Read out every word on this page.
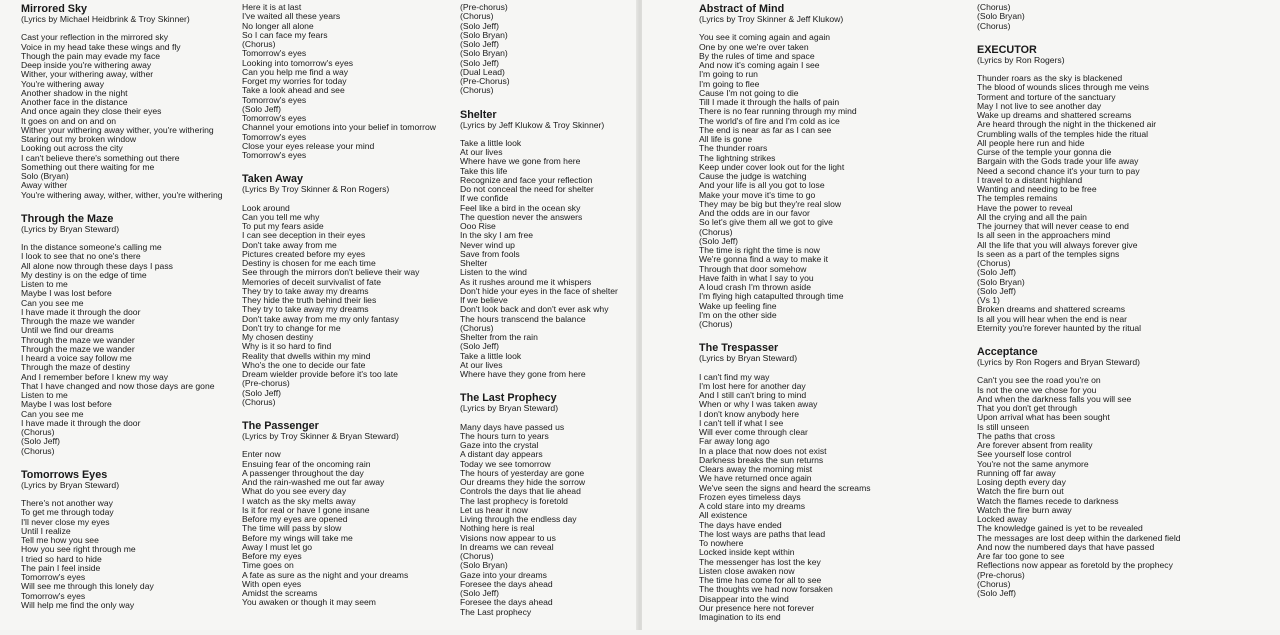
Mirrored Sky
(Lyrics by Michael Heidbrink & Troy Skinner)
Cast your reflection in the mirrored sky
Voice in my head take these wings and fly
Though the pain may evade my face
Deep inside you're withering away
Wither, your withering away, wither
You're withering away
Another shadow in the night
Another face in the distance
And once again they close their eyes
It goes on and on and on
Wither your withering away wither, you're withering
Staring out my broken window
Looking out across the city
I can't believe there's something out there
Something out there waiting for me
Solo (Bryan)
Away wither
You're withering away, wither, wither, you're withering
Through the Maze
(Lyrics by Bryan Steward)
In the distance someone's calling me
I look to see that no one's there
All alone now through these days I pass
My destiny is on the edge of time
Listen to me
Maybe I was lost before
Can you see me
I have made it through the door
Through the maze we wander
Until we find our dreams
Through the maze we wander
Through the maze we wander
I heard a voice say follow me
Through the maze of destiny
And I remember before I knew my way
That I have changed and now those days are gone
Listen to me
Maybe I was lost before
Can you see me
I have made it through the door
(Chorus)
(Solo Jeff)
(Chorus)
Tomorrows Eyes
(Lyrics by Bryan Steward)
There's not another way
To get me through today
I'll never close my eyes
Until I realize
Tell me how you see
How you see right through me
I tried so hard to hide
The pain I feel inside
Tomorrow's eyes
Will see me through this lonely day
Tomorrow's eyes
Will help me find the only way
Here it is at last
I've waited all these years
No longer all alone
So I can face my fears
(Chorus)
Tomorrow's eyes
Looking into tomorrow's eyes
Can you help me find a way
Forget my worries for today
Take a look ahead and see
Tomorrow's eyes
(Solo Jeff)
Tomorrow's eyes
Channel your emotions into your belief in tomorrow
Tomorrow's eyes
Close your eyes release your mind
Tomorrow's eyes
Taken Away
(Lyrics By Troy Skinner & Ron Rogers)
Look around
Can you tell me why
To put my fears aside
I can see deception in their eyes
Don't take away from me
Pictures created before my eyes
Destiny is chosen for me each time
See through the mirrors don't believe their way
Memories of deceit survivalist of fate
They try to take away my dreams
They hide the truth behind their lies
They try to take away my dreams
Don't take away from me my only fantasy
Don't try to change for me
My chosen destiny
Why is it so hard to find
Reality that dwells within my mind
Who's the one to decide our fate
Dream wielder provide before it's too late
(Pre-chorus)
(Solo Jeff)
(Chorus)
The Passenger
(Lyrics by Troy Skinner & Bryan Steward)
Enter now
Ensuing fear of the oncoming rain
A passenger throughout the day
And the rain-washed me out far away
What do you see every day
I watch as the sky melts away
Is it for real or have I gone insane
Before my eyes are opened
The time will pass by slow
Before my wings will take me
Away I must let go
Before my eyes
Time goes on
A fate as sure as the night and your dreams
With open eyes
Amidst the screams
You awaken or though it may seem
(Pre-chorus)
(Chorus)
(Solo Jeff)
(Solo Bryan)
(Solo Jeff)
(Solo Bryan)
(Solo Jeff)
(Dual Lead)
(Pre-Chorus)
(Chorus)
Shelter
(Lyrics by Jeff Klukow & Troy Skinner)
Take a little look
At our lives
Where have we gone from here
Take this life
Recognize and face your reflection
Do not conceal the need for shelter
If we confide
Feel like a bird in the ocean sky
The question never the answers
Ooo Rise
In the sky I am free
Never wind up
Save from fools
Shelter
Listen to the wind
As it rushes around me it whispers
Don't hide your eyes in the face of shelter
If we believe
Don't look back and don't ever ask why
The hours transcend the balance
(Chorus)
Shelter from the rain
(Solo Jeff)
Take a little look
At our lives
Where have they gone from here
The Last Prophecy
(Lyrics by Bryan Steward)
Many days have passed us
The hours turn to years
Gaze into the crystal
A distant day appears
Today we see tomorrow
The hours of yesterday are gone
Our dreams they hide the sorrow
Controls the days that lie ahead
The last prophecy is foretold
Let us hear it now
Living through the endless day
Nothing here is real
Visions now appear to us
In dreams we can reveal
(Chorus)
(Solo Bryan)
Gaze into your dreams
Foresee the days ahead
(Solo Jeff)
Foresee the days ahead
The Last prophecy
Abstract of Mind
(Lyrics by Troy Skinner & Jeff Klukow)
You see it coming again and again
One by one we're over taken
By the rules of time and space
And now it's coming again I see
I'm going to run
I'm going to flee
Cause I'm not going to die
Till I made it through the halls of pain
There is no fear running through my mind
The world's of fire and I'm cold as ice
The end is near as far as I can see
All life is gone
The thunder roars
The lightning strikes
Keep under cover look out for the light
Cause the judge is watching
And your life is all you got to lose
Make your move it's time to go
They may be big but they're real slow
And the odds are in our favor
So let's give them all we got to give
(Chorus)
(Solo Jeff)
The time is right the time is now
We're gonna find a way to make it
Through that door somehow
Have faith in what I say to you
A loud crash I'm thrown aside
I'm flying high catapulted through time
Wake up feeling fine
I'm on the other side
(Chorus)
The Trespasser
(Lyrics by Bryan Steward)
I can't find my way
I'm lost here for another day
And I still can't bring to mind
When or why I was taken away
I don't know anybody here
I can't tell if what I see
Will ever come through clear
Far away long ago
In a place that now does not exist
Darkness breaks the sun returns
Clears away the morning mist
We have returned once again
We've seen the signs and heard the screams
Frozen eyes timeless days
A cold stare into my dreams
All existence
The days have ended
The lost ways are paths that lead
To nowhere
Locked inside kept within
The messenger has lost the key
Listen close awaken now
The time has come for all to see
The thoughts we had now forsaken
Disappear into the wind
Our presence here not forever
Imagination to its end
(Chorus)
(Solo Bryan)
(Chorus)
EXECUTOR
(Lyrics by Ron Rogers)
Thunder roars as the sky is blackened
The blood of wounds slices through me veins
Torment and torture of the sanctuary
May I not live to see another day
Wake up dreams and shattered screams
Are heard through the night in the thickened air
Crumbling walls of the temples hide the ritual
All people here run and hide
Curse of the temple your gonna die
Bargain with the Gods trade your life away
Need a second chance it's your turn to pay
I travel to a distant highland
Wanting and needing to be free
The temples remains
Have the power to reveal
All the crying and all the pain
The journey that will never cease to end
Is all seen in the approachers mind
All the life that you will always forever give
Is seen as a part of the temples signs
(Chorus)
(Solo Jeff)
(Solo Bryan)
(Solo Jeff)
(Vs 1)
Broken dreams and shattered screams
Is all you will hear when the end is near
Eternity you're forever haunted by the ritual
Acceptance
(Lyrics by Ron Rogers and Bryan Steward)
Can't you see the road you're on
Is not the one we chose for you
And when the darkness falls you will see
That you don't get through
Upon arrival what has been sought
Is still unseen
The paths that cross
Are forever absent from reality
See yourself lose control
You're not the same anymore
Running off far away
Losing depth every day
Watch the fire burn out
Watch the flames recede to darkness
Watch the fire burn away
Locked away
The knowledge gained is yet to be revealed
The messages are lost deep within the darkened field
And now the numbered days that have passed
Are far too gone to see
Reflections now appear as foretold by the prophecy
(Pre-chorus)
(Chorus)
(Solo Jeff)
